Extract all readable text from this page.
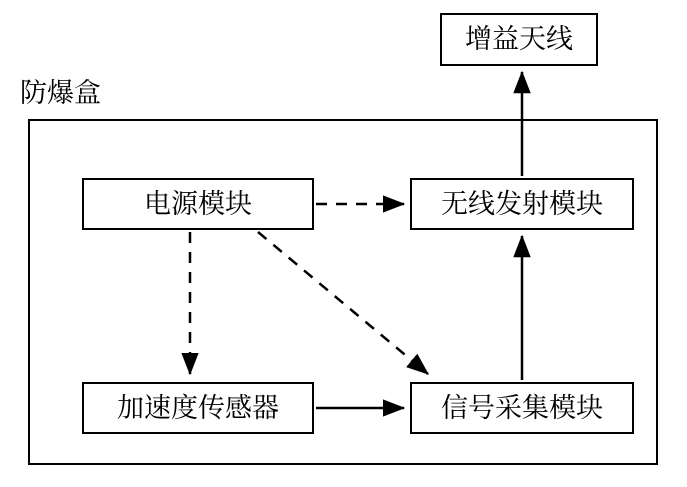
防爆盒
增益天线
电源模块	无线发射模块
加速度传感器	信号采集模块
